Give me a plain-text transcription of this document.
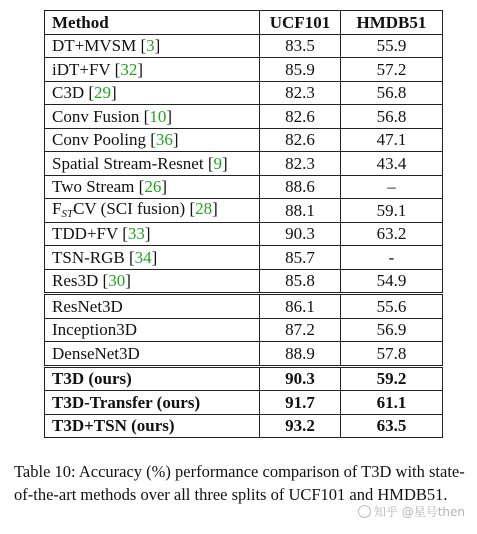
Method	UCF101	HMDB51
DT+MVSM [3]	83.5	55.9
iDT+FV [32]	85.9	57.2
C3D [29]	82.3	56.8
Conv Fusion [10]	82.6	56.8
Conv Pooling [36]	82.6	47.1
Spatial Stream-Resnet [9]	82.3	43.4
Two Stream [26]	88.6	–
$F_{ST}CV$ (SCI fusion) [28]	88.1	59.1
TDD+FV [33]	90.3	63.2
TSN-RGB [34]	85.7	-
Res3D [30]	85.8	54.9
ResNet3D	86.1	55.6
Inception3D	87.2	56.9
DenseNet3D	88.9	57.8
T3D (ours)	90.3	59.2
T3D-Transfer (ours)	91.7	61.1
T3D+TSN (ours)	93.2	63.5
Table 10: Accuracy (%) performance comparison of T3D with state-of-the-art methods over all three splits of UCF101 and HMDB51.
知乎 @星号then
